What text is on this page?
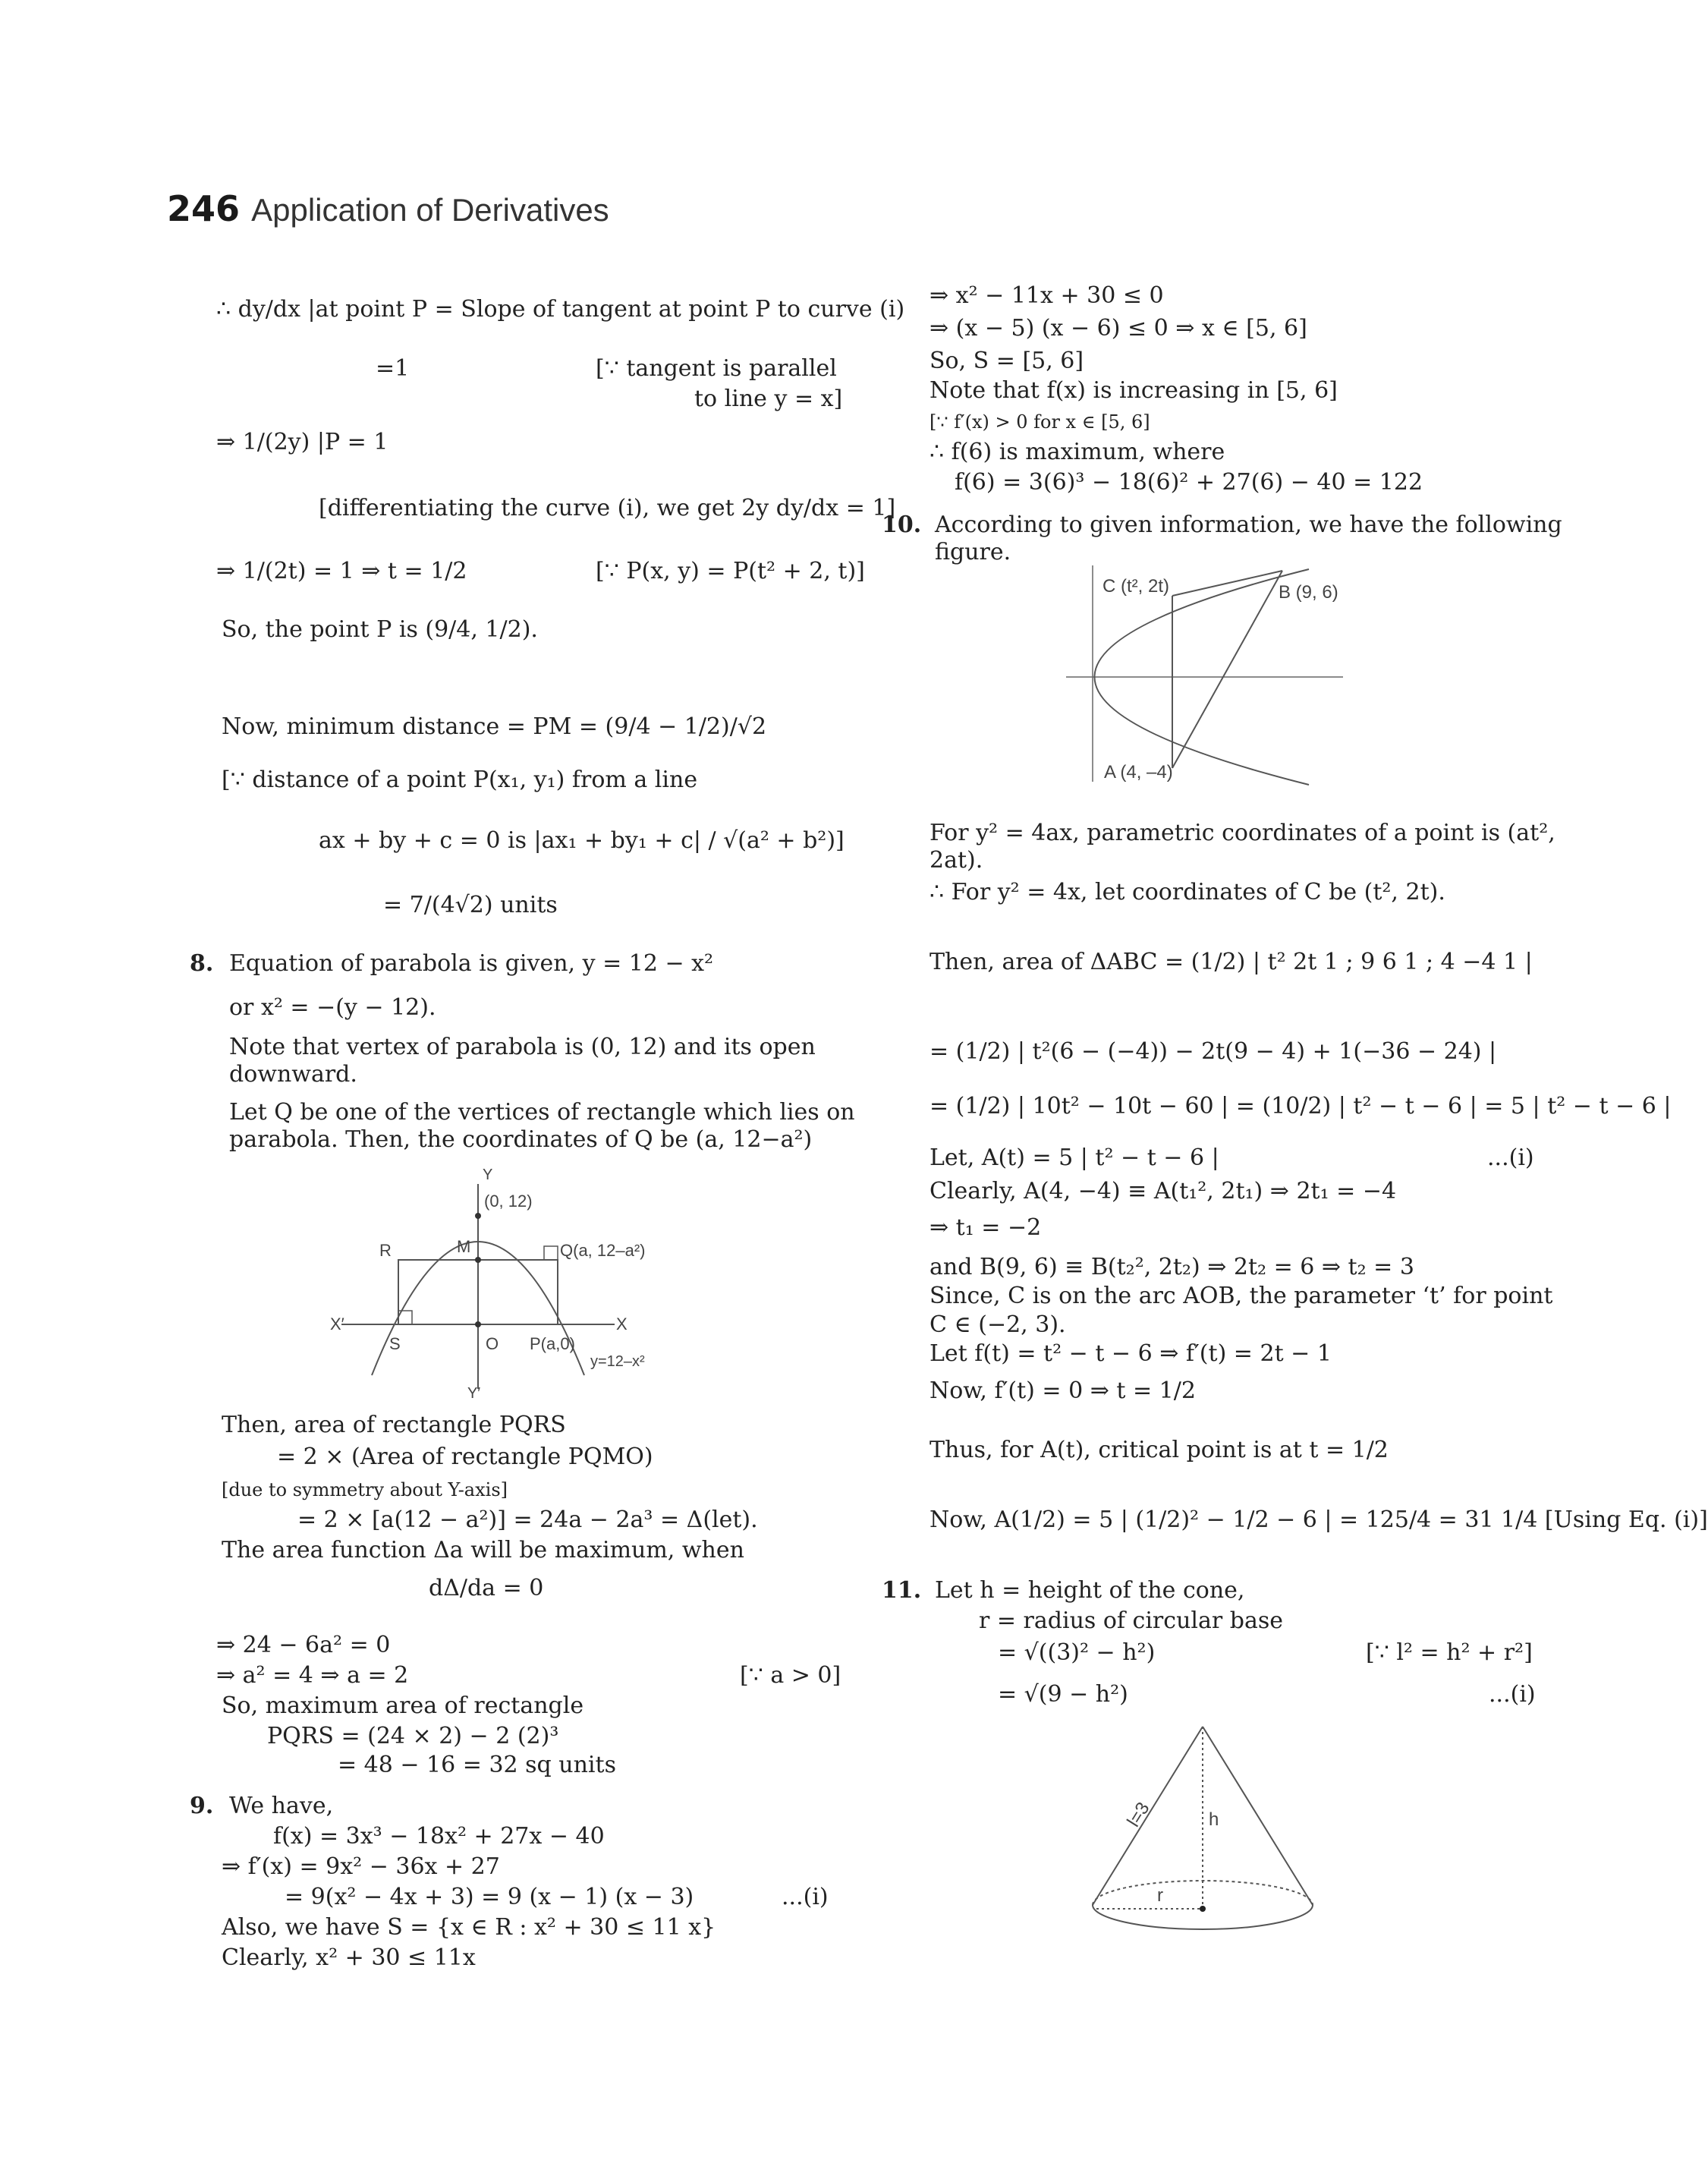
246 Application of Derivatives
∴ dy/dx |at point P = Slope of tangent at point P to curve (i)
=1	[∵ tangent is parallel
to line y = x]
⇒ 1/(2y) |P = 1
[differentiating the curve (i), we get 2y dy/dx = 1]
⇒ 1/(2t) = 1 ⇒ t = 1/2	[∵ P(x, y) = P(t² + 2, t)]
So, the point P is (9/4, 1/2).
Now, minimum distance = PM = (9/4 − 1/2)/√2
[∵ distance of a point P(x₁, y₁) from a line
ax + by + c = 0 is |ax₁ + by₁ + c| / √(a² + b²)]
= 7/(4√2) units
8. Equation of parabola is given, y = 12 − x²
or x² = −(y − 12).
Note that vertex of parabola is (0, 12) and its open
downward.
Let Q be one of the vertices of rectangle which lies on
parabola. Then, the coordinates of Q be (a, 12−a²)
Y
(0, 12)
R	M	Q(a, 12–a²)
X
X′
S	O P(a,0)
y=12–x²
Y′
Then, area of rectangle PQRS
= 2 × (Area of rectangle PQMO)
[due to symmetry about Y-axis]
= 2 × [a(12 − a²)] = 24a − 2a³ = Δ(let).
The area function Δa will be maximum, when
dΔ/da = 0
⇒ 24 − 6a² = 0
⇒ a² = 4 ⇒ a = 2	[∵ a > 0]
So, maximum area of rectangle
PQRS = (24 × 2) − 2 (2)³
= 48 − 16 = 32 sq units
9. We have,
f(x) = 3x³ − 18x² + 27x − 40
⇒ f′(x) = 9x² − 36x + 27
= 9(x² − 4x + 3) = 9 (x − 1) (x − 3)	...(i)
Also, we have S = {x ∈ R : x² + 30 ≤ 11 x}
Clearly, x² + 30 ≤ 11x
⇒ x² − 11x + 30 ≤ 0
⇒ (x − 5) (x − 6) ≤ 0 ⇒ x ∈ [5, 6]
So, S = [5, 6]
Note that f(x) is increasing in [5, 6]
[∵ f′(x) > 0 for x ∈ [5, 6]
∴ f(6) is maximum, where
f(6) = 3(6)³ − 18(6)² + 27(6) − 40 = 122
10. According to given information, we have the following
figure.
C (t², 2t)	B (9, 6)
A (4, –4)
For y² = 4ax, parametric coordinates of a point is (at²,
2at).
∴ For y² = 4x, let coordinates of C be (t², 2t).
Then, area of ΔABC = (1/2) | t² 2t 1 ; 9 6 1 ; 4 −4 1 |
= (1/2) | t²(6 − (−4)) − 2t(9 − 4) + 1(−36 − 24) |
= (1/2) | 10t² − 10t − 60 | = (10/2) | t² − t − 6 | = 5 | t² − t − 6 |
Let, A(t) = 5 | t² − t − 6 |	...(i)
Clearly, A(4, −4) ≡ A(t₁², 2t₁) ⇒ 2t₁ = −4
⇒ t₁ = −2
and B(9, 6) ≡ B(t₂², 2t₂) ⇒ 2t₂ = 6 ⇒ t₂ = 3
Since, C is on the arc AOB, the parameter ‘t’ for point
C ∈ (−2, 3).
Let f(t) = t² − t − 6 ⇒ f′(t) = 2t − 1
Now, f′(t) = 0 ⇒ t = 1/2
Thus, for A(t), critical point is at t = 1/2
Now, A(1/2) = 5 | (1/2)² − 1/2 − 6 | = 125/4 = 31 1/4 [Using Eq. (i)]
11. Let h = height of the cone,
r = radius of circular base
= √((3)² − h²)	[∵ l² = h² + r²]
= √(9 − h²)	...(i)
l=3	h
r
